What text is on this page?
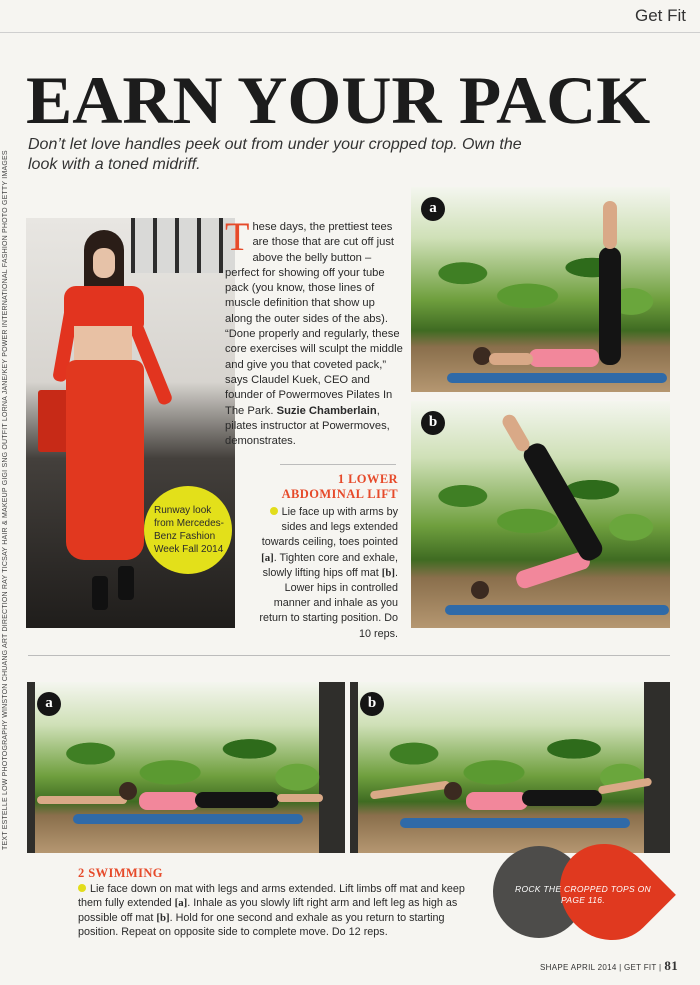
Get Fit
EARN YOUR PACK

Don’t let love handles peek out from under your cropped top. Own the look with a toned midriff.

TEXT ESTELLE LOW PHOTOGRAPHY WINSTON CHUANG ART DIRECTION RAY TICSAY HAIR & MAKEUP GIGI SNG OUTFIT LORNA JANE/KEY POWER INTERNATIONAL FASHION PHOTO GETTY IMAGES	Runway look from Mercedes-Benz Fashion Week Fall 2014
These days, the prettiest tees are those that are cut off just above the belly button – perfect for showing off your tube pack (you know, those lines of muscle definition that show up along the outer sides of the abs). “Done properly and regularly, these core exercises will sculpt the middle and give you that coveted pack,” says Claudel Kuek, CEO and founder of Powermoves Pilates In The Park. Suzie Chamberlain, pilates instructor at Powermoves, demonstrates.
1 LOWER
ABDOMINAL LIFT
Lie face up with arms by sides and legs extended towards ceiling, toes pointed [a]. Tighten core and exhale, slowly lifting hips off mat [b]. Lower hips in controlled manner and inhale as you return to starting position. Do 10 reps.
a
b
a	b
2 SWIMMING
Lie face down on mat with legs and arms extended. Lift limbs off mat and keep them fully extended [a]. Inhale as you slowly lift right arm and left leg as high as possible off mat [b]. Hold for one second and exhale as you return to starting position. Repeat on opposite side to complete move. Do 12 reps.
ROCK THE CROPPED TOPS ON PAGE 116.
SHAPE APRIL 2014 | GET FIT | 81
